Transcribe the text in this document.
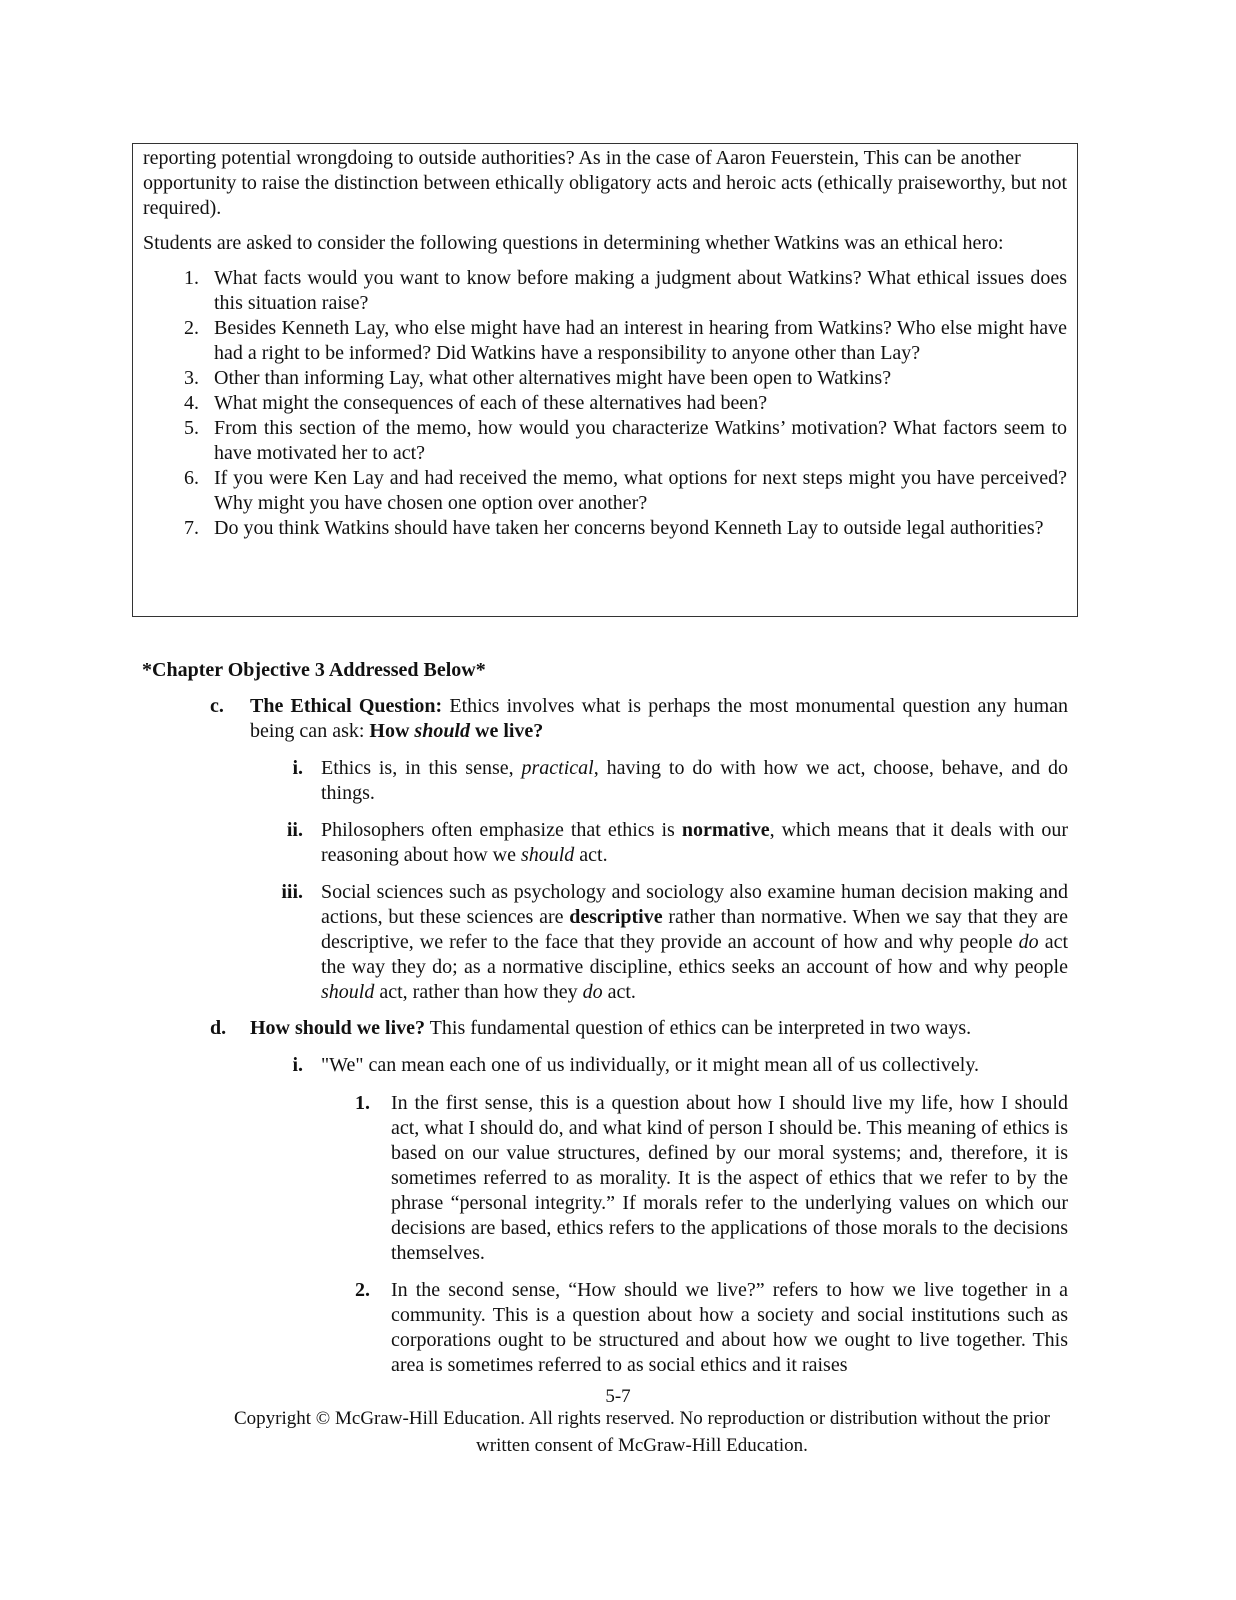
reporting potential wrongdoing to outside authorities? As in the case of Aaron Feuerstein, This can be another opportunity to raise the distinction between ethically obligatory acts and heroic acts (ethically praiseworthy, but not required).

Students are asked to consider the following questions in determining whether Watkins was an ethical hero:

1. What facts would you want to know before making a judgment about Watkins? What ethical issues does this situation raise?
2. Besides Kenneth Lay, who else might have had an interest in hearing from Watkins? Who else might have had a right to be informed? Did Watkins have a responsibility to anyone other than Lay?
3. Other than informing Lay, what other alternatives might have been open to Watkins?
4. What might the consequences of each of these alternatives had been?
5. From this section of the memo, how would you characterize Watkins’ motivation? What factors seem to have motivated her to act?
6. If you were Ken Lay and had received the memo, what options for next steps might you have perceived? Why might you have chosen one option over another?
7. Do you think Watkins should have taken her concerns beyond Kenneth Lay to outside legal authorities?
*Chapter Objective 3 Addressed Below*
c.	The Ethical Question: Ethics involves what is perhaps the most monumental question any human being can ask: How should we live?
i. Ethics is, in this sense, practical, having to do with how we act, choose, behave, and do things.
ii. Philosophers often emphasize that ethics is normative, which means that it deals with our reasoning about how we should act.
iii. Social sciences such as psychology and sociology also examine human decision making and actions, but these sciences are descriptive rather than normative. When we say that they are descriptive, we refer to the face that they provide an account of how and why people do act the way they do; as a normative discipline, ethics seeks an account of how and why people should act, rather than how they do act.
d.	How should we live? This fundamental question of ethics can be interpreted in two ways.
i. "We" can mean each one of us individually, or it might mean all of us collectively.
1. In the first sense, this is a question about how I should live my life, how I should act, what I should do, and what kind of person I should be. This meaning of ethics is based on our value structures, defined by our moral systems; and, therefore, it is sometimes referred to as morality. It is the aspect of ethics that we refer to by the phrase “personal integrity.” If morals refer to the underlying values on which our decisions are based, ethics refers to the applications of those morals to the decisions themselves.
2. In the second sense, “How should we live?” refers to how we live together in a community. This is a question about how a society and social institutions such as corporations ought to be structured and about how we ought to live together. This area is sometimes referred to as social ethics and it raises
5-7
Copyright © McGraw-Hill Education. All rights reserved. No reproduction or distribution without the prior written consent of McGraw-Hill Education.
